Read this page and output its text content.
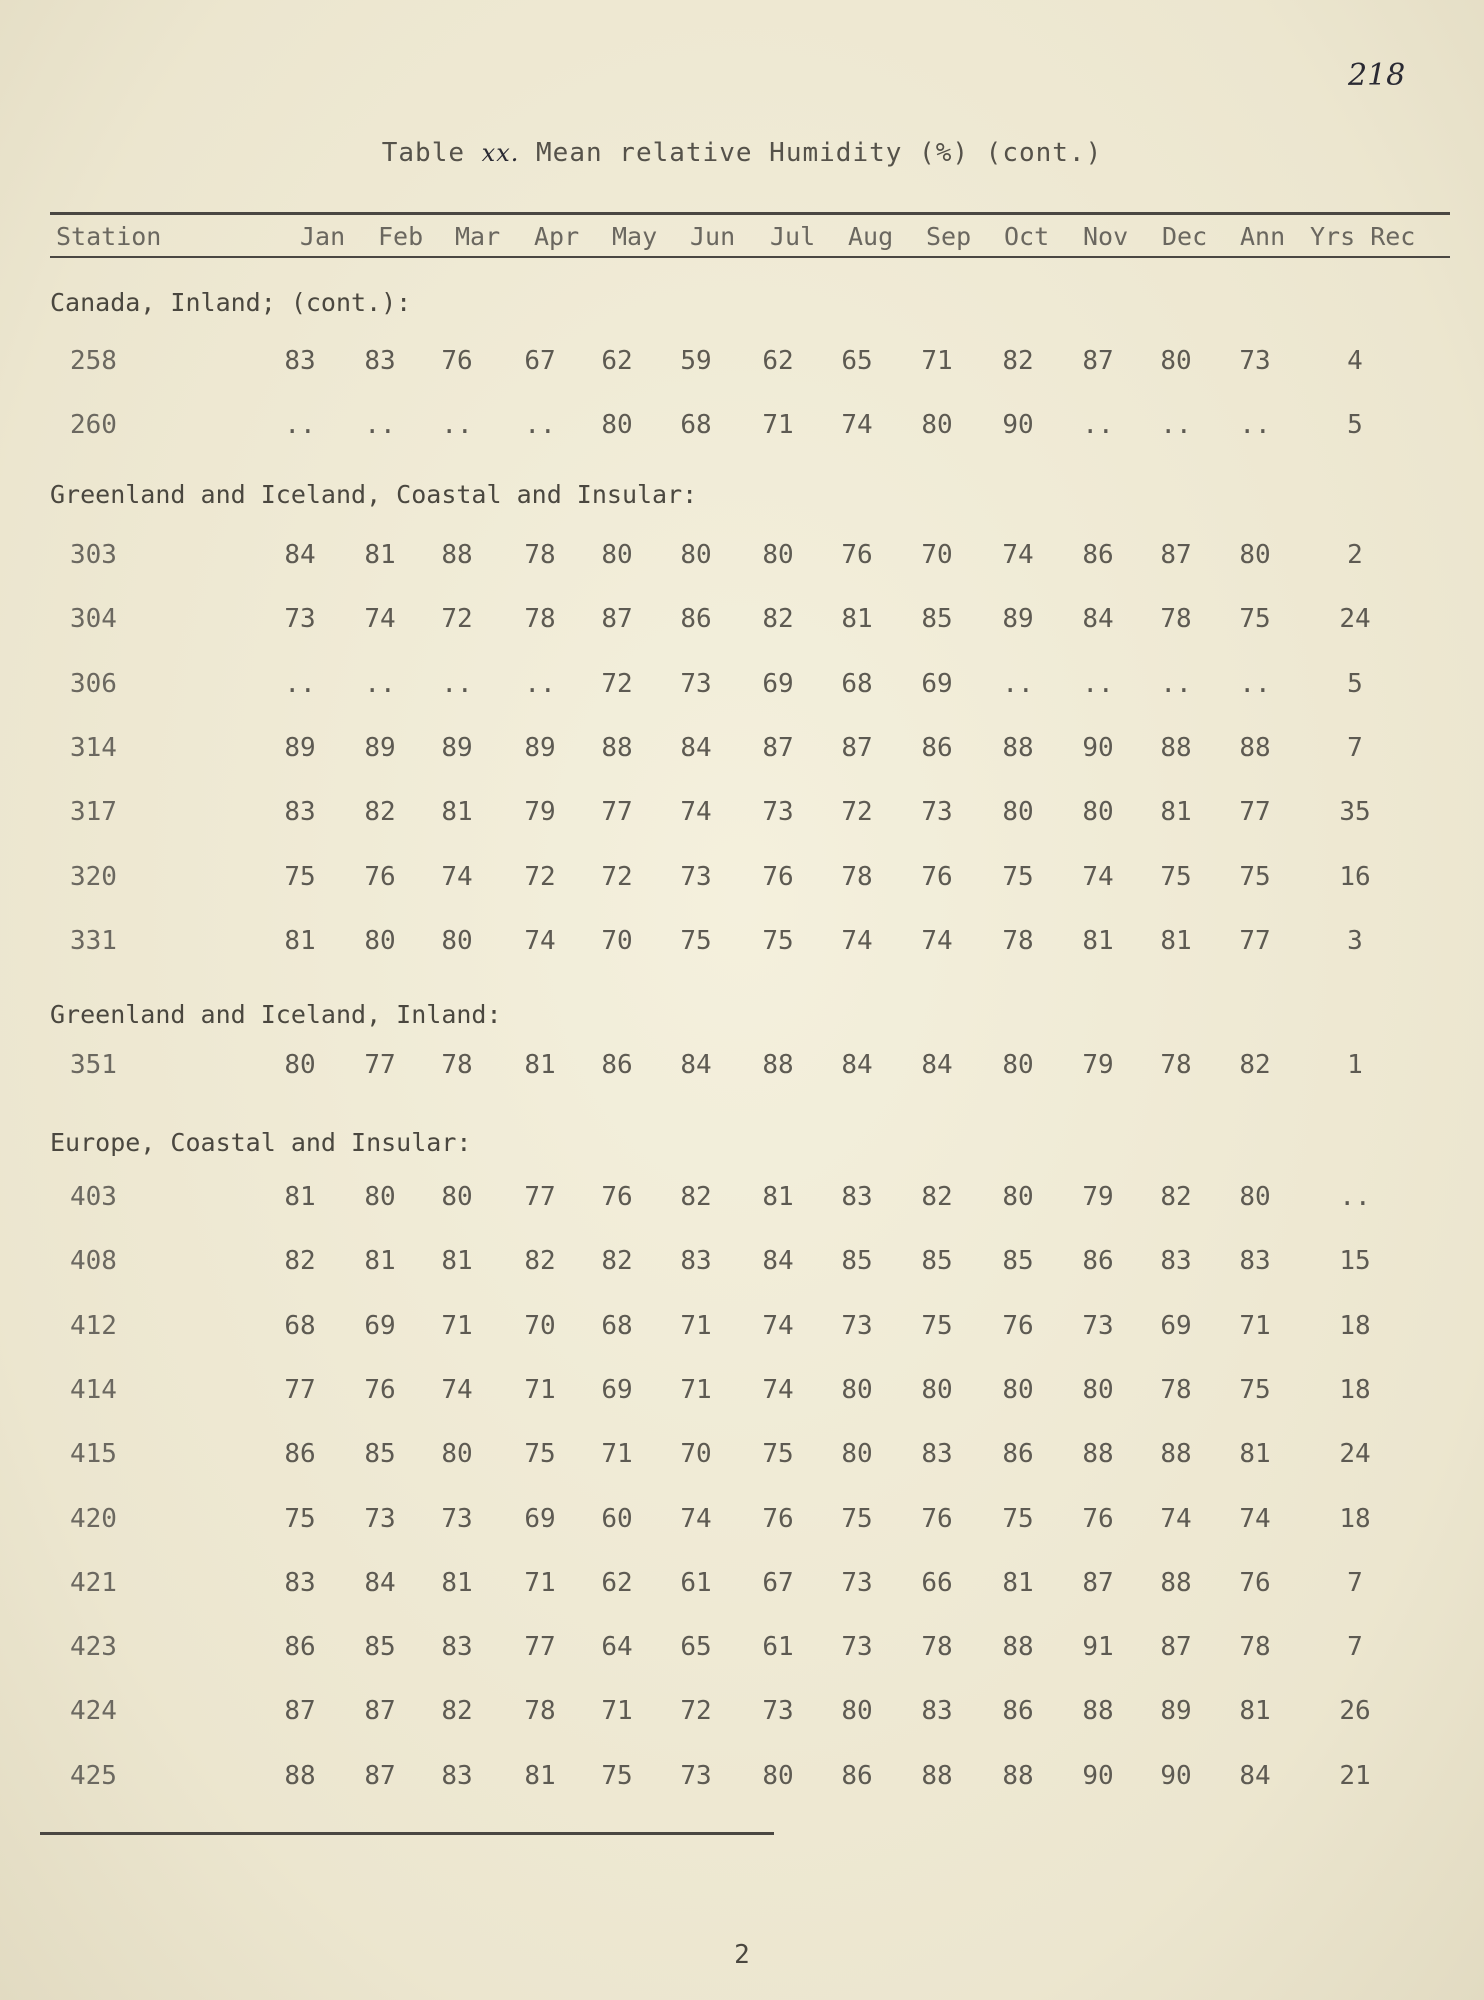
218
Table xx. Mean relative Humidity (%) (cont.)
Station	Jan Feb Mar Apr May Jun Jul Aug Sep Oct Nov Dec Ann Yrs Rec
Canada, Inland; (cont.):
258	83	83	76	67	62	59	62	65	71	82	87	80	73	4
260	..	..	..	..	80	68	71	74	80	90	..	..	..	5
Greenland and Iceland, Coastal and Insular:
303	84	81	88	78	80	80	80	76	70	74	86	87	80	2
304	73	74	72	78	87	86	82	81	85	89	84	78	75	24
306	..	..	..	..	72	73	69	68	69	..	..	..	..	5
314	89	89	89	89	88	84	87	87	86	88	90	88	88	7
317	83	82	81	79	77	74	73	72	73	80	80	81	77	35
320	75	76	74	72	72	73	76	78	76	75	74	75	75	16
331	81	80	80	74	70	75	75	74	74	78	81	81	77	3
Greenland and Iceland, Inland:
351	80	77	78	81	86	84	88	84	84	80	79	78	82	1
Europe, Coastal and Insular:
403	81	80	80	77	76	82	81	83	82	80	79	82	80	..
408	82	81	81	82	82	83	84	85	85	85	86	83	83	15
412	68	69	71	70	68	71	74	73	75	76	73	69	71	18
414	77	76	74	71	69	71	74	80	80	80	80	78	75	18
415	86	85	80	75	71	70	75	80	83	86	88	88	81	24
420	75	73	73	69	60	74	76	75	76	75	76	74	74	18
421	83	84	81	71	62	61	67	73	66	81	87	88	76	7
423	86	85	83	77	64	65	61	73	78	88	91	87	78	7
424	87	87	82	78	71	72	73	80	83	86	88	89	81	26
425	88	87	83	81	75	73	80	86	88	88	90	90	84	21
2
